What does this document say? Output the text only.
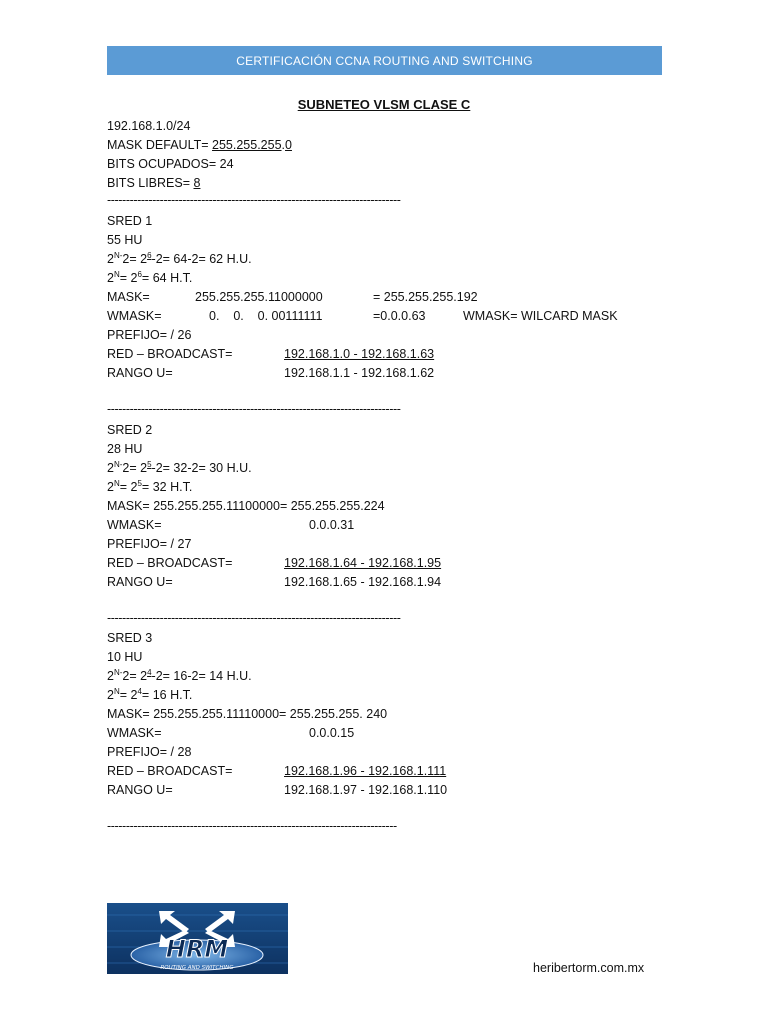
CERTIFICACIÓN CCNA ROUTING AND SWITCHING
SUBNETEO VLSM CLASE C
192.168.1.0/24
MASK DEFAULT= 255.255.255.0
BITS OCUPADOS= 24
BITS LIBRES= 8
------------------------------------------------------------------------------
SRED 1
55 HU
$2^{N-}2= 2^6-2= 64-2= 62$ H.U.
$2^N= 2^6= 64$ H.T.
MASK=	255.255.255.11000000	= 255.255.255.192
WMASK=	0.    0.    0. 00111111	=0.0.0.63	WMASK= WILCARD MASK
PREFIJO= / 26
RED – BROADCAST=	192.168.1.0 - 192.168.1.63
RANGO U=	192.168.1.1 - 192.168.1.62
------------------------------------------------------------------------------
SRED 2
28 HU
$2^{N-}2= 2^5-2= 32-2= 30$ H.U.
$2^N= 2^5= 32$ H.T.
MASK= 255.255.255.11100000= 255.255.255.224
WMASK=	0.0.0.31
PREFIJO= / 27
RED – BROADCAST=	192.168.1.64 - 192.168.1.95
RANGO U=	192.168.1.65 - 192.168.1.94
------------------------------------------------------------------------------
SRED 3
10 HU
$2^{N-}2= 2^4-2= 16-2= 14$ H.U.
$2^N= 2^4= 16$ H.T.
MASK= 255.255.255.11110000= 255.255.255. 240
WMASK=	0.0.0.15
PREFIJO= / 28
RED – BROADCAST=	192.168.1.96 - 192.168.1.111
RANGO U=	192.168.1.97 - 192.168.1.110
-----------------------------------------------------------------------------
HRM
ROUTING AND SWITCHING	heribertorm.com.mx
